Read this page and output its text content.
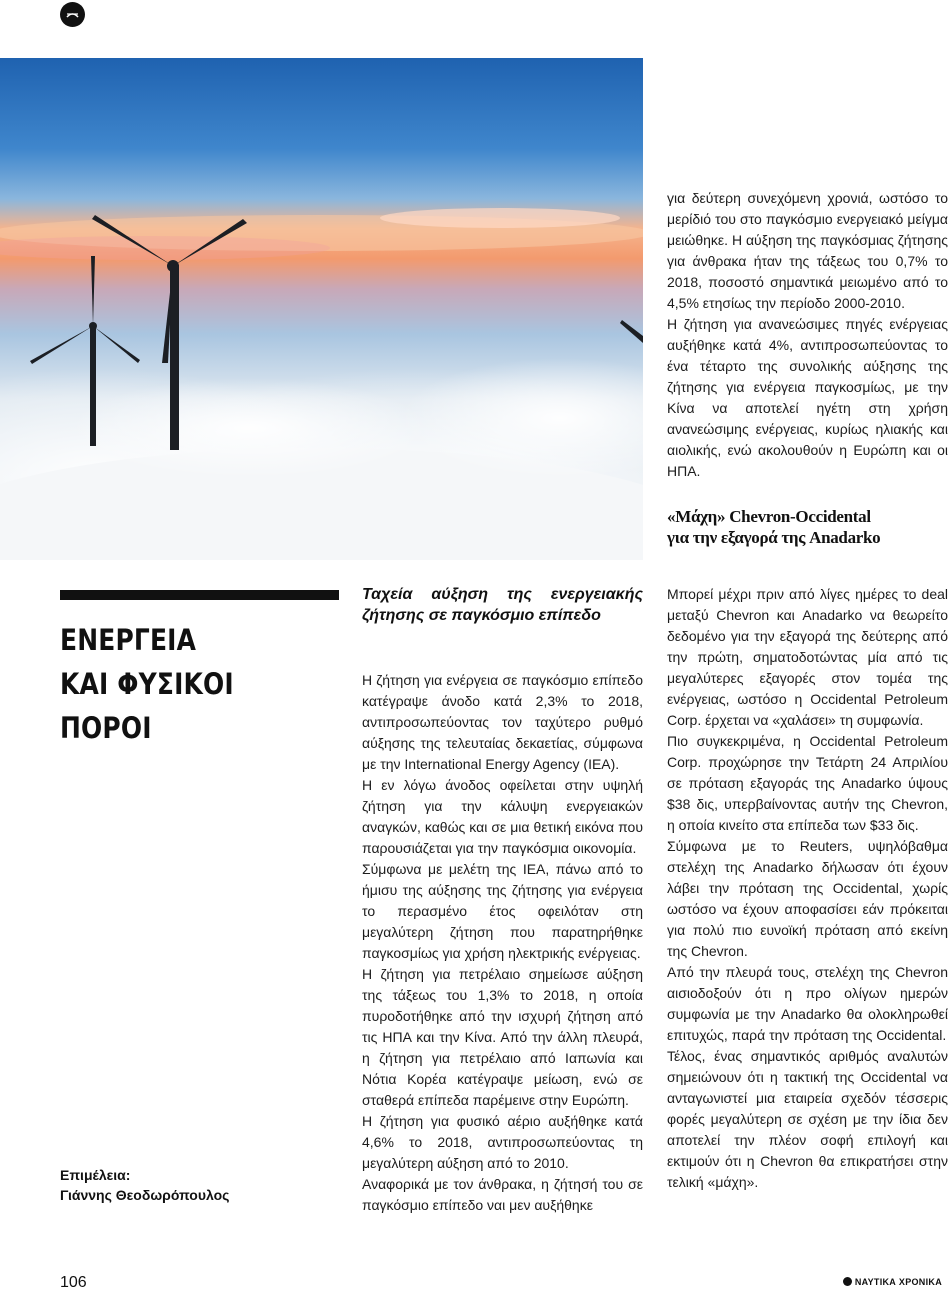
ΕΝΕΡΓΕΙΑ
ΚΑΙ ΦΥΣΙΚΟΙ ΠΟΡΟΙ
Επιμέλεια:
Γιάννης Θεοδωρόπουλος
Ταχεία αύξηση της ενεργειακής ζήτησης σε παγκόσμιο επίπεδο

Η ζήτηση για ενέργεια σε παγκόσμιο επίπεδο κατέγραψε άνοδο κατά 2,3% το 2018, αντιπροσωπεύοντας τον ταχύτερο ρυθμό αύξησης της τελευταίας δεκαετίας, σύμφωνα με την International Energy Agency (IEA).

Η εν λόγω άνοδος οφείλεται στην υψηλή ζήτηση για την κάλυψη ενεργειακών αναγκών, καθώς και σε μια θετική εικόνα που παρουσιάζεται για την παγκόσμια οικονομία.

Σύμφωνα με μελέτη της IEA, πάνω από το ήμισυ της αύξησης της ζήτησης για ενέργεια το περασμένο έτος οφειλόταν στη μεγαλύτερη ζήτηση που παρατηρήθηκε παγκοσμίως για χρήση ηλεκτρικής ενέργειας.

Η ζήτηση για πετρέλαιο σημείωσε αύξηση της τάξεως του 1,3% το 2018, η οποία πυροδοτήθηκε από την ισχυρή ζήτηση από τις ΗΠΑ και την Κίνα. Από την άλλη πλευρά, η ζήτηση για πετρέλαιο από Ιαπωνία και Νότια Κορέα κατέγραψε μείωση, ενώ σε σταθερά επίπεδα παρέμεινε στην Ευρώπη.

Η ζήτηση για φυσικό αέριο αυξήθηκε κατά 4,6% το 2018, αντιπροσωπεύοντας τη μεγαλύτερη αύξηση από το 2010.

Αναφορικά με τον άνθρακα, η ζήτησή του σε παγκόσμιο επίπεδο ναι μεν αυξήθηκε

για δεύτερη συνεχόμενη χρονιά, ωστόσο το μερίδιό του στο παγκόσμιο ενεργειακό μείγμα μειώθηκε. Η αύξηση της παγκόσμιας ζήτησης για άνθρακα ήταν της τάξεως του 0,7% το 2018, ποσοστό σημαντικά μειωμένο από το 4,5% ετησίως την περίοδο 2000-2010.

Η ζήτηση για ανανεώσιμες πηγές ενέργειας αυξήθηκε κατά 4%, αντιπροσωπεύοντας το ένα τέταρτο της συνολικής αύξησης της ζήτησης για ενέργεια παγκοσμίως, με την Κίνα να αποτελεί ηγέτη στη χρήση ανανεώσιμης ενέργειας, κυρίως ηλιακής και αιολικής, ενώ ακολουθούν η Ευρώπη και οι ΗΠΑ.

«Μάχη» Chevron-Occidental
για την εξαγορά της Anadarko

Μπορεί μέχρι πριν από λίγες ημέρες το deal μεταξύ Chevron και Anadarko να θεωρείτο δεδομένο για την εξαγορά της δεύτερης από την πρώτη, σηματοδοτώντας μία από τις μεγαλύτερες εξαγορές στον τομέα της ενέργειας, ωστόσο η Occidental Petroleum Corp. έρχεται να «χαλάσει» τη συμφωνία.

Πιο συγκεκριμένα, η Occidental Petroleum Corp. προχώρησε την Τετάρτη 24 Απριλίου σε πρόταση εξαγοράς της Anadarko ύψους $38 δις, υπερβαίνοντας αυτήν της Chevron, η οποία κινείτο στα επίπεδα των $33 δις.

Σύμφωνα με το Reuters, υψηλόβαθμα στελέχη της Anadarko δήλωσαν ότι έχουν λάβει την πρόταση της Occidental, χωρίς ωστόσο να έχουν αποφασίσει εάν πρόκειται για πολύ πιο ευνοϊκή πρόταση από εκείνη της Chevron.

Από την πλευρά τους, στελέχη της Chevron αισιοδοξούν ότι η προ ολίγων ημερών συμφωνία με την Anadarko θα ολοκληρωθεί επιτυχώς, παρά την πρόταση της Occidental.

Τέλος, ένας σημαντικός αριθμός αναλυτών σημειώνουν ότι η τακτική της Occidental να ανταγωνιστεί μια εταιρεία σχεδόν τέσσερις φορές μεγαλύτερη σε σχέση με την ίδια δεν αποτελεί την πλέον σοφή επιλογή και εκτιμούν ότι η Chevron θα επικρατήσει στην τελική «μάχη».

106	ΝΑΥΤΙΚΑ ΧΡΟΝΙΚΑ
